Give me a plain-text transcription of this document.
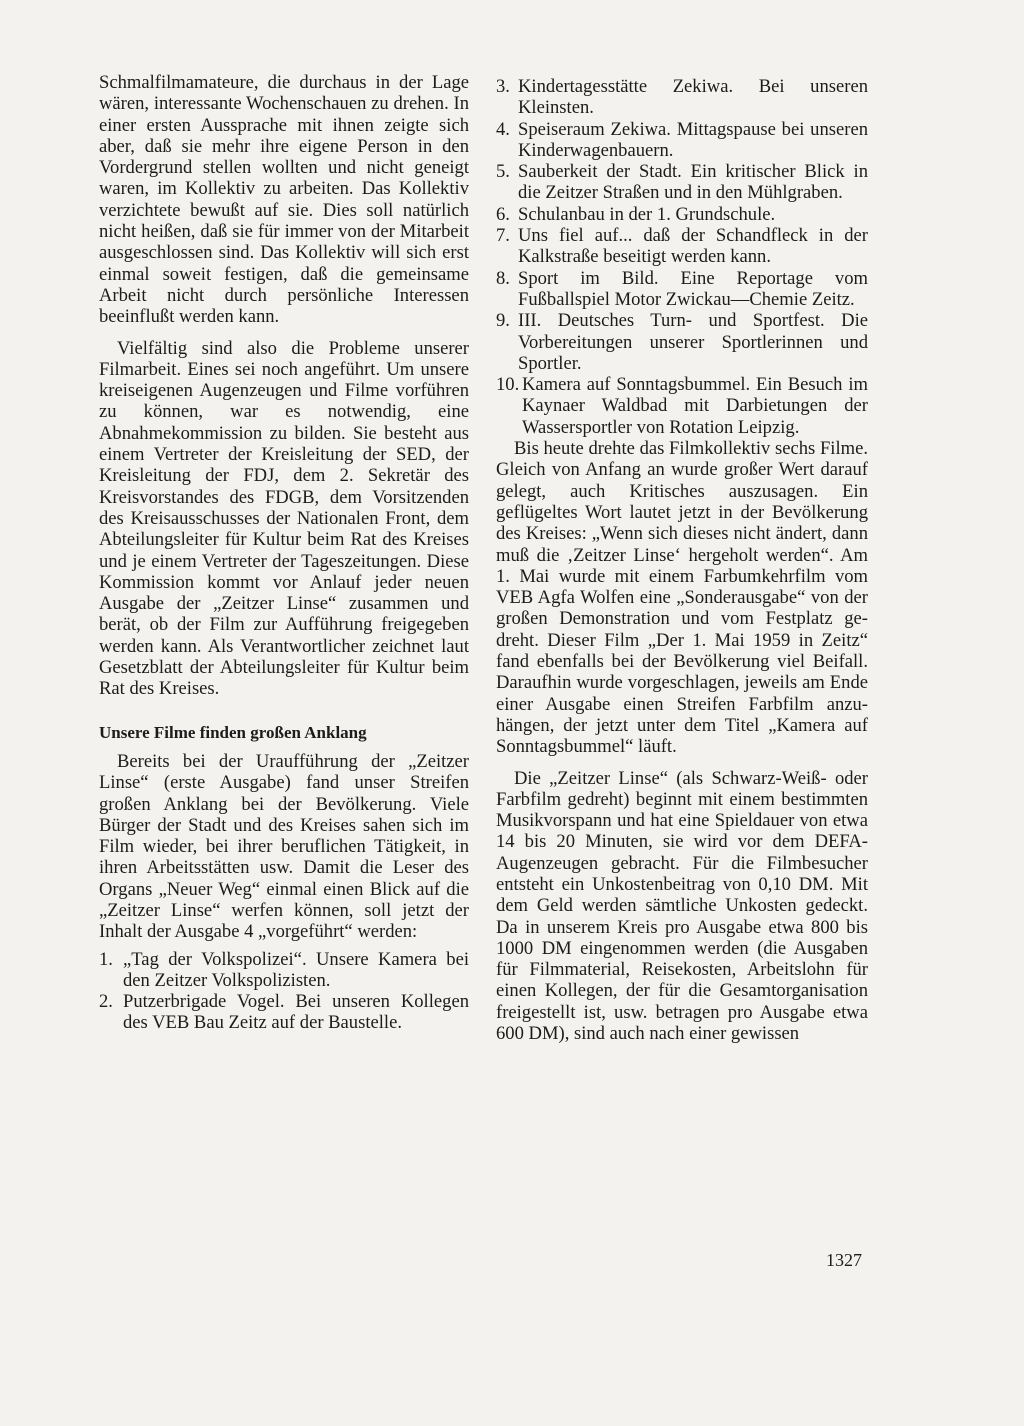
Schmalfilmamateure, die durchaus in der Lage wären, interessante Wochenschauen zu drehen. In einer ersten Aussprache mit ihnen zeigte sich aber, daß sie mehr ihre eigene Person in den Vordergrund stellen wollten und nicht geneigt waren, im Kollektiv zu arbeiten. Das Kollektiv verzichtete bewußt auf sie. Dies soll natürlich nicht heißen, daß sie für immer von der Mitarbeit ausgeschlossen sind. Das Kollektiv will sich erst einmal soweit festigen, daß die gemeinsame Arbeit nicht durch persönliche Interessen beeinflußt werden kann.

Vielfältig sind also die Probleme unserer Filmarbeit. Eines sei noch angeführt. Um unsere kreiseigenen Augenzeugen und Filme vorführen zu können, war es notwendig, eine Abnahmekommission zu bilden. Sie besteht aus einem Vertreter der Kreisleitung der SED, der Kreisleitung der FDJ, dem 2. Sekretär des Kreisvorstandes des FDGB, dem Vorsitzenden des Kreisausschusses der Nationalen Front, dem Abteilungsleiter für Kultur beim Rat des Kreises und je einem Vertreter der Tageszeitungen. Diese Kommission kommt vor Anlauf jeder neuen Ausgabe der „Zeitzer Linse“ zusammen und berät, ob der Film zur Aufführung freigegeben werden kann. Als Verantwortlicher zeichnet laut Gesetzblatt der Abteilungsleiter für Kultur beim Rat des Kreises.

Unsere Filme finden großen Anklang

Bereits bei der Uraufführung der „Zeitzer Linse“ (erste Ausgabe) fand unser Streifen großen Anklang bei der Bevölkerung. Viele Bürger der Stadt und des Kreises sahen sich im Film wieder, bei ihrer beruflichen Tätigkeit, in ihren Arbeitsstätten usw. Damit die Leser des Organs „Neuer Weg“ einmal einen Blick auf die „Zeitzer Linse“ werfen können, soll jetzt der Inhalt der Ausgabe 4 „vorgeführt“ werden:

1. „Tag der Volkspolizei“. Unsere Kamera bei den Zeitzer Volkspolizisten.
2. Putzerbrigade Vogel. Bei unseren Kollegen des VEB Bau Zeitz auf der Baustelle.
3. Kindertagesstätte Zekiwa. Bei unseren Kleinsten.
4. Speiseraum Zekiwa. Mittagspause bei unseren Kinderwagenbauern.
5. Sauberkeit der Stadt. Ein kritischer Blick in die Zeitzer Straßen und in den Mühlgraben.
6. Schulanbau in der 1. Grundschule.
7. Uns fiel auf... daß der Schandfleck in der Kalkstraße beseitigt werden kann.
8. Sport im Bild. Eine Reportage vom Fußballspiel Motor Zwickau—Chemie Zeitz.
9. III. Deutsches Turn- und Sportfest. Die Vorbereitungen unserer Sportlerinnen und Sportler.
10. Kamera auf Sonntagsbummel. Ein Besuch im Kaynaer Waldbad mit Darbietungen der Wassersportler von Rotation Leipzig.

Bis heute drehte das Filmkollektiv sechs Filme. Gleich von Anfang an wurde großer Wert darauf gelegt, auch Kritisches auszusagen. Ein geflügeltes Wort lautet jetzt in der Bevölkerung des Kreises: „Wenn sich dieses nicht ändert, dann muß die ‚Zeitzer Linse‘ hergeholt werden“. Am 1. Mai wurde mit einem Farbumkehrfilm vom VEB Agfa Wolfen eine „Sonderausgabe“ von der großen Demonstration und vom Festplatz gedreht. Dieser Film „Der 1. Mai 1959 in Zeitz“ fand ebenfalls bei der Bevölkerung viel Beifall. Daraufhin wurde vorgeschlagen, jeweils am Ende einer Ausgabe einen Streifen Farbfilm anzuhängen, der jetzt unter dem Titel „Kamera auf Sonntagsbummel“ läuft.

Die „Zeitzer Linse“ (als Schwarz-Weiß- oder Farbfilm gedreht) beginnt mit einem bestimmten Musikvorspann und hat eine Spieldauer von etwa 14 bis 20 Minuten, sie wird vor dem DEFA-Augenzeugen gebracht. Für die Filmbesucher entsteht ein Unkostenbeitrag von 0,10 DM. Mit dem Geld werden sämtliche Unkosten gedeckt. Da in unserem Kreis pro Ausgabe etwa 800 bis 1000 DM eingenommen werden (die Ausgaben für Filmmaterial, Reisekosten, Arbeitslohn für einen Kollegen, der für die Gesamtorganisation freigestellt ist, usw. betragen pro Ausgabe etwa 600 DM), sind auch nach einer gewissen

1327
